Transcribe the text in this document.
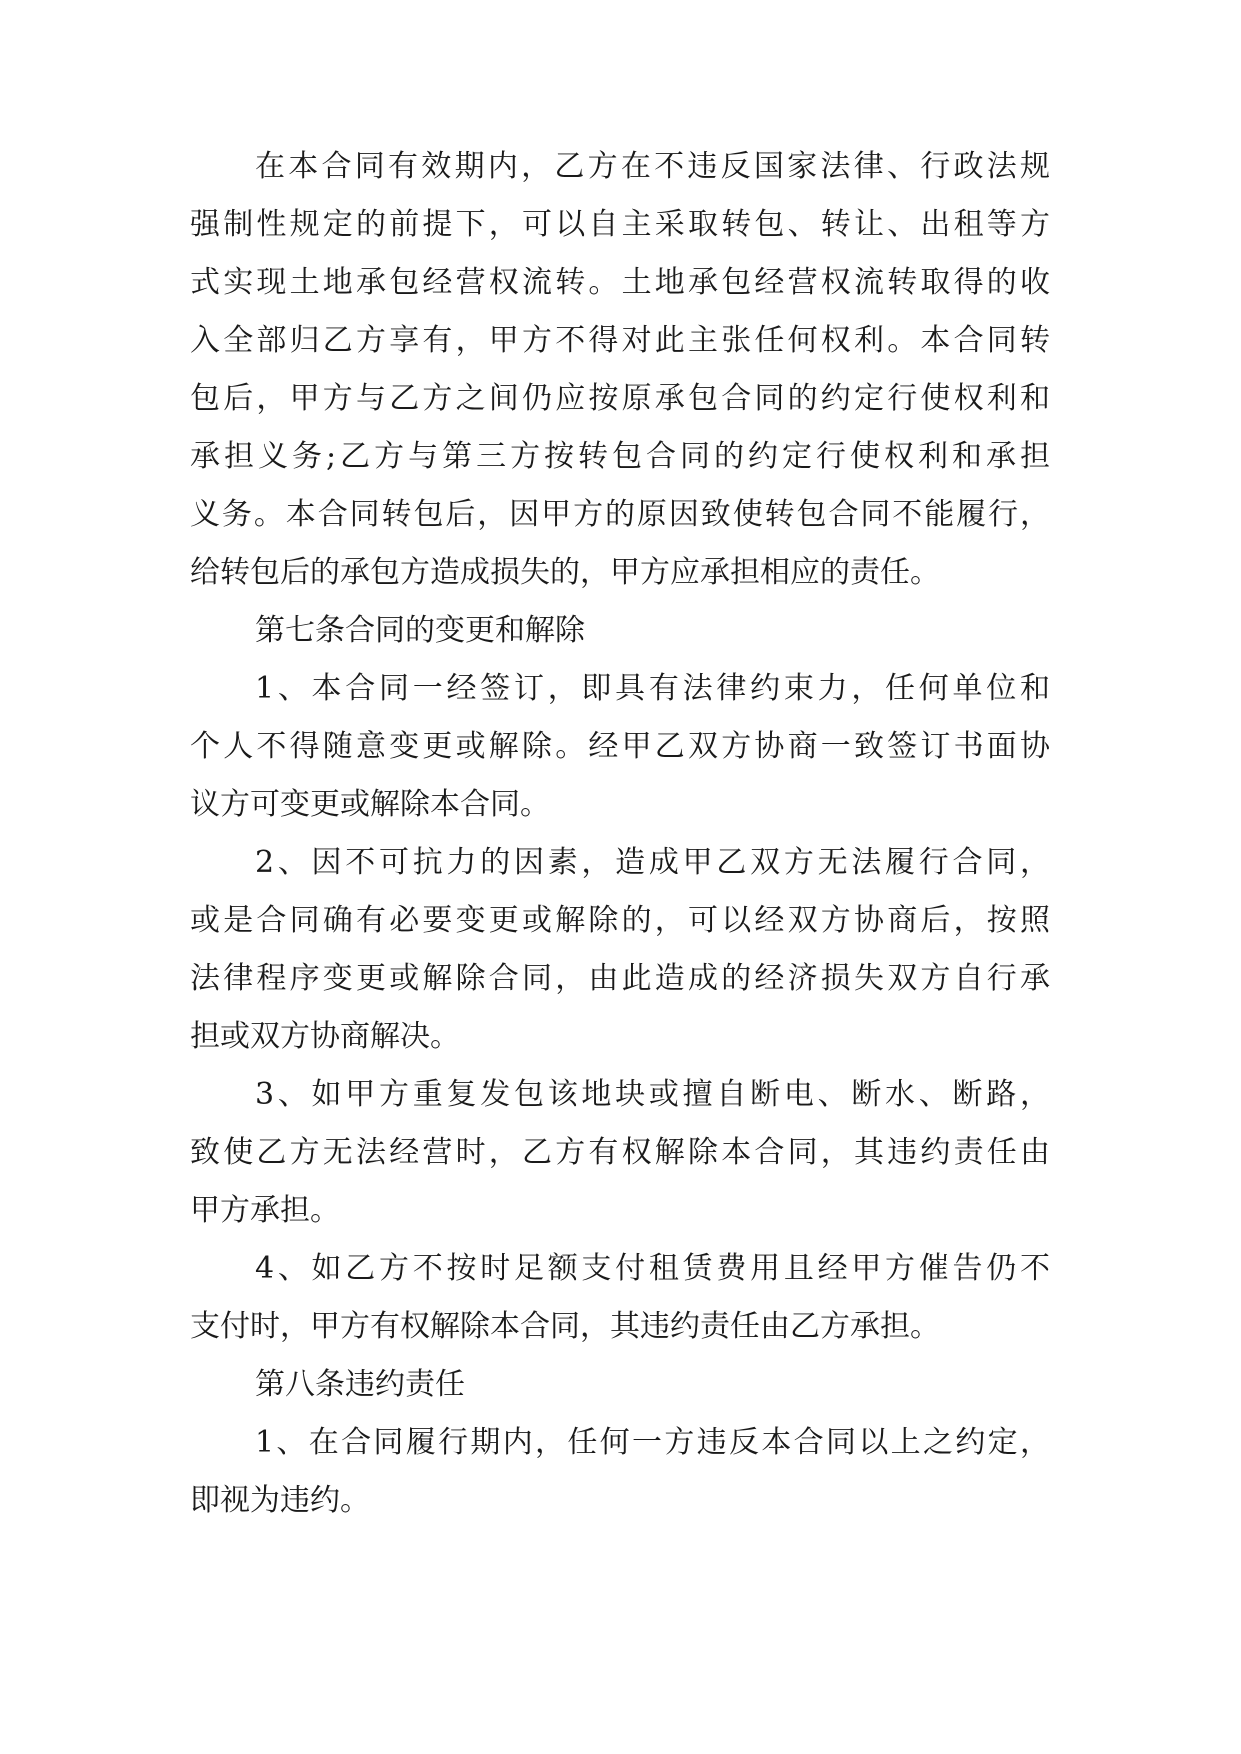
在本合同有效期内，乙方在不违反国家法律、行政法规
强制性规定的前提下，可以自主采取转包、转让、出租等方
式实现土地承包经营权流转。土地承包经营权流转取得的收
入全部归乙方享有，甲方不得对此主张任何权利。本合同转
包后，甲方与乙方之间仍应按原承包合同的约定行使权利和
承担义务;乙方与第三方按转包合同的约定行使权利和承担
义务。本合同转包后，因甲方的原因致使转包合同不能履行，
给转包后的承包方造成损失的，甲方应承担相应的责任。
第七条合同的变更和解除
1、本合同一经签订，即具有法律约束力，任何单位和
个人不得随意变更或解除。经甲乙双方协商一致签订书面协
议方可变更或解除本合同。
2、因不可抗力的因素，造成甲乙双方无法履行合同，
或是合同确有必要变更或解除的，可以经双方协商后，按照
法律程序变更或解除合同，由此造成的经济损失双方自行承
担或双方协商解决。
3、如甲方重复发包该地块或擅自断电、断水、断路，
致使乙方无法经营时，乙方有权解除本合同，其违约责任由
甲方承担。
4、如乙方不按时足额支付租赁费用且经甲方催告仍不
支付时，甲方有权解除本合同，其违约责任由乙方承担。
第八条违约责任
1、在合同履行期内，任何一方违反本合同以上之约定，
即视为违约。
